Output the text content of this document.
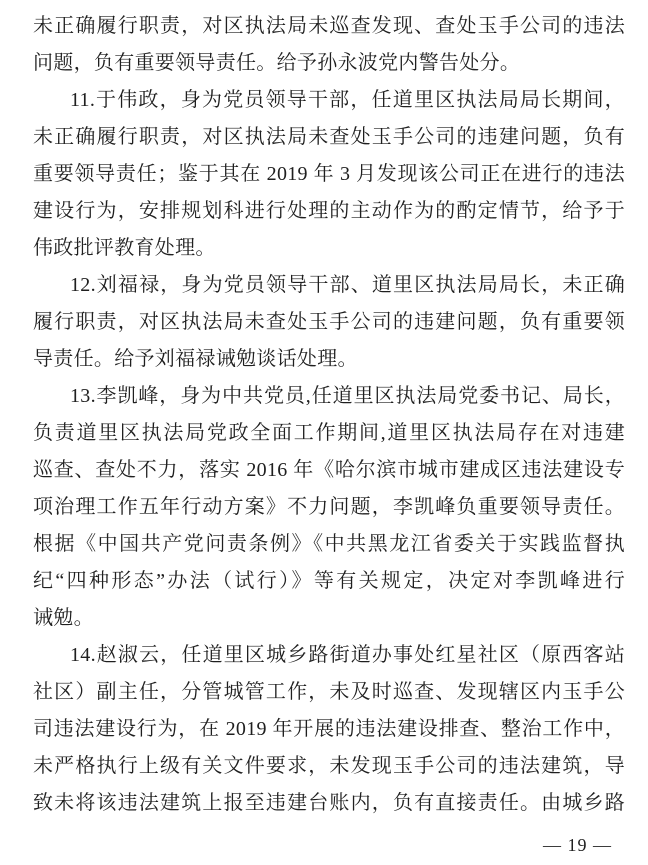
未正确履行职责，对区执法局未巡查发现、查处玉手公司的违法
问题，负有重要领导责任。给予孙永波党内警告处分。
11.于伟政，身为党员领导干部，任道里区执法局局长期间，
未正确履行职责，对区执法局未查处玉手公司的违建问题，负有
重要领导责任；鉴于其在 2019 年 3 月发现该公司正在进行的违法
建设行为，安排规划科进行处理的主动作为的酌定情节，给予于
伟政批评教育处理。
12.刘福禄，身为党员领导干部、道里区执法局局长，未正确
履行职责，对区执法局未查处玉手公司的违建问题，负有重要领
导责任。给予刘福禄诫勉谈话处理。
13.李凯峰，身为中共党员,任道里区执法局党委书记、局长，
负责道里区执法局党政全面工作期间,道里区执法局存在对违建
巡查、查处不力，落实 2016 年《哈尔滨市城市建成区违法建设专
项治理工作五年行动方案》不力问题，李凯峰负重要领导责任。
根据《中国共产党问责条例》《中共黑龙江省委关于实践监督执
纪“四种形态”办法（试行）》等有关规定，决定对李凯峰进行
诫勉。
14.赵淑云，任道里区城乡路街道办事处红星社区（原西客站
社区）副主任，分管城管工作，未及时巡查、发现辖区内玉手公
司违法建设行为，在 2019 年开展的违法建设排查、整治工作中，
未严格执行上级有关文件要求，未发现玉手公司的违法建筑，导
致未将该违法建筑上报至违建台账内，负有直接责任。由城乡路
— 19 —
